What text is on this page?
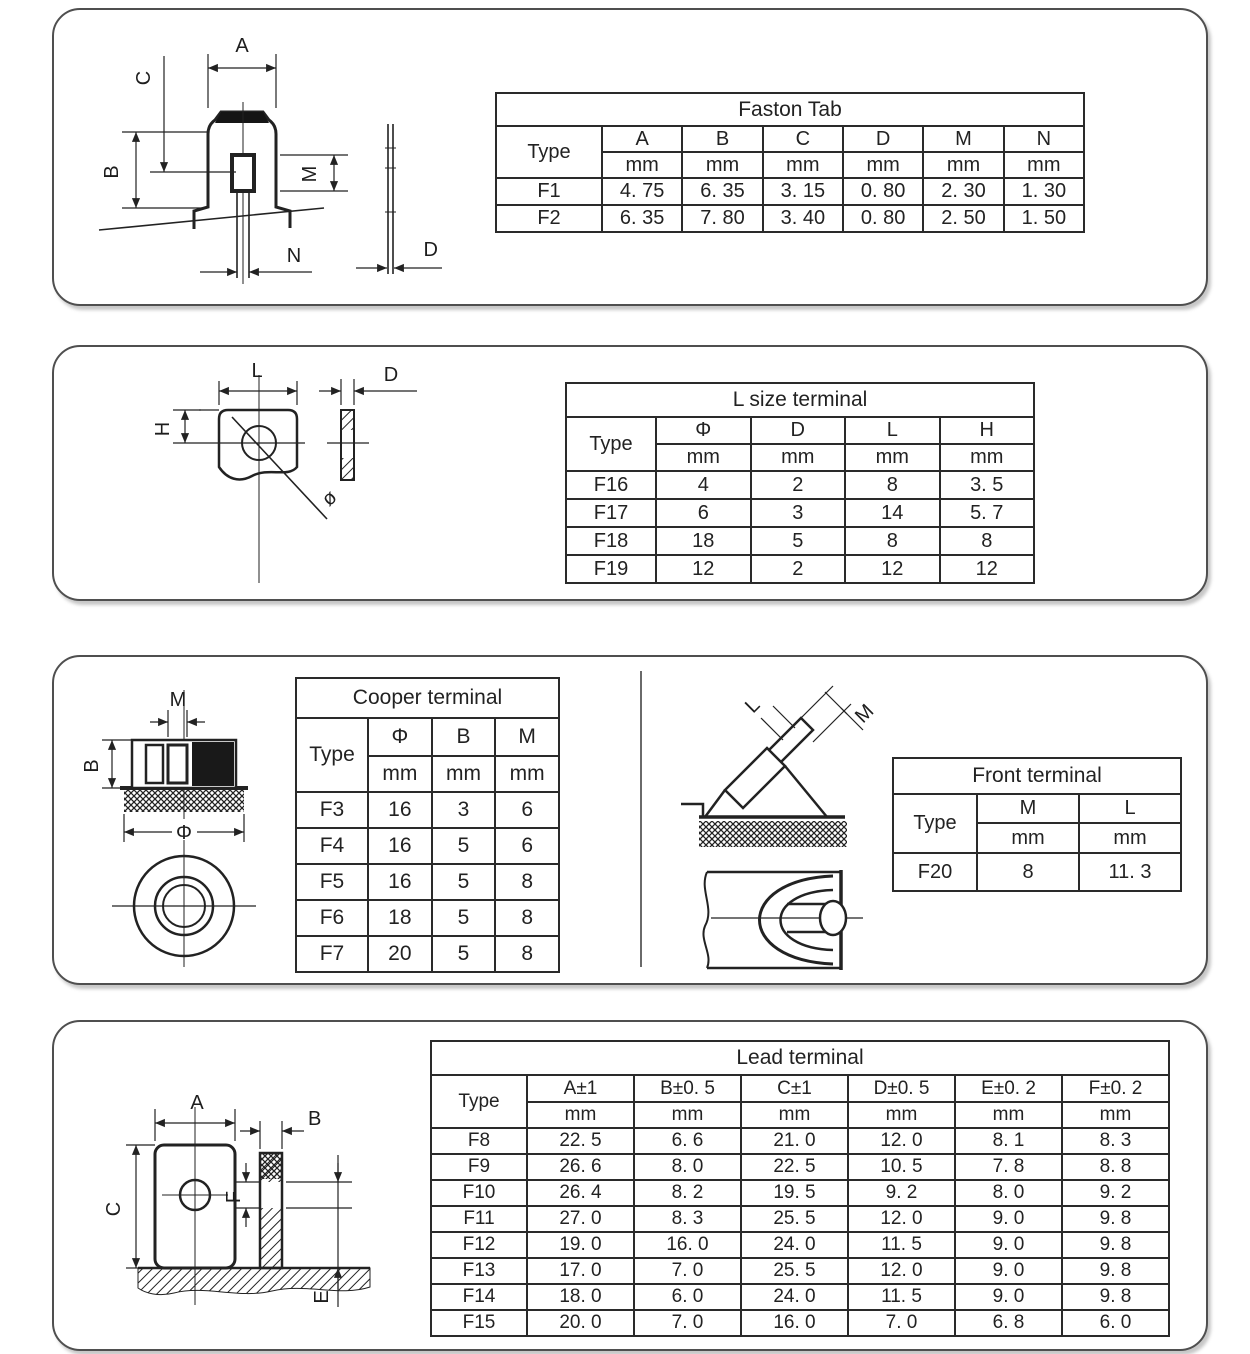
A
C
B	M
N	D
Faston Tab						
Type	A	B	C	D	M	N
	mm	mm	mm	mm	mm	mm
F1	4. 75	6. 35	3. 15	0. 80	2. 30	1. 30
F2	6. 35	7. 80	3. 40	0. 80	2. 50	1. 50
L
H
ø
D
L size terminal				
Type	Φ	D	L	H
	mm	mm	mm	mm
F16	4	2	8	3. 5
F17	6	3	14	5. 7
F18	18	5	8	8
F19	12	2	12	12
B
M
Φ
Cooper terminal			
Type	Φ	B	M
	mm	mm	mm
F3	16	3	6
F4	16	5	6
F5	16	5	8
F6	18	5	8
F7	20	5	8
L	M
Front terminal		
Type	M	L
	mm	mm
F20	8	11. 3
A
C
B
F
E
Lead terminal						
Type	A±1	B±0. 5	C±1	D±0. 5	E±0. 2	F±0. 2
	mm	mm	mm	mm	mm	mm
F8	22. 5	6. 6	21. 0	12. 0	8. 1	8. 3
F9	26. 6	8. 0	22. 5	10. 5	7. 8	8. 8
F10	26. 4	8. 2	19. 5	9. 2	8. 0	9. 2
F11	27. 0	8. 3	25. 5	12. 0	9. 0	9. 8
F12	19. 0	16. 0	24. 0	11. 5	9. 0	9. 8
F13	17. 0	7. 0	25. 5	12. 0	9. 0	9. 8
F14	18. 0	6. 0	24. 0	11. 5	9. 0	9. 8
F15	20. 0	7. 0	16. 0	7. 0	6. 8	6. 0
